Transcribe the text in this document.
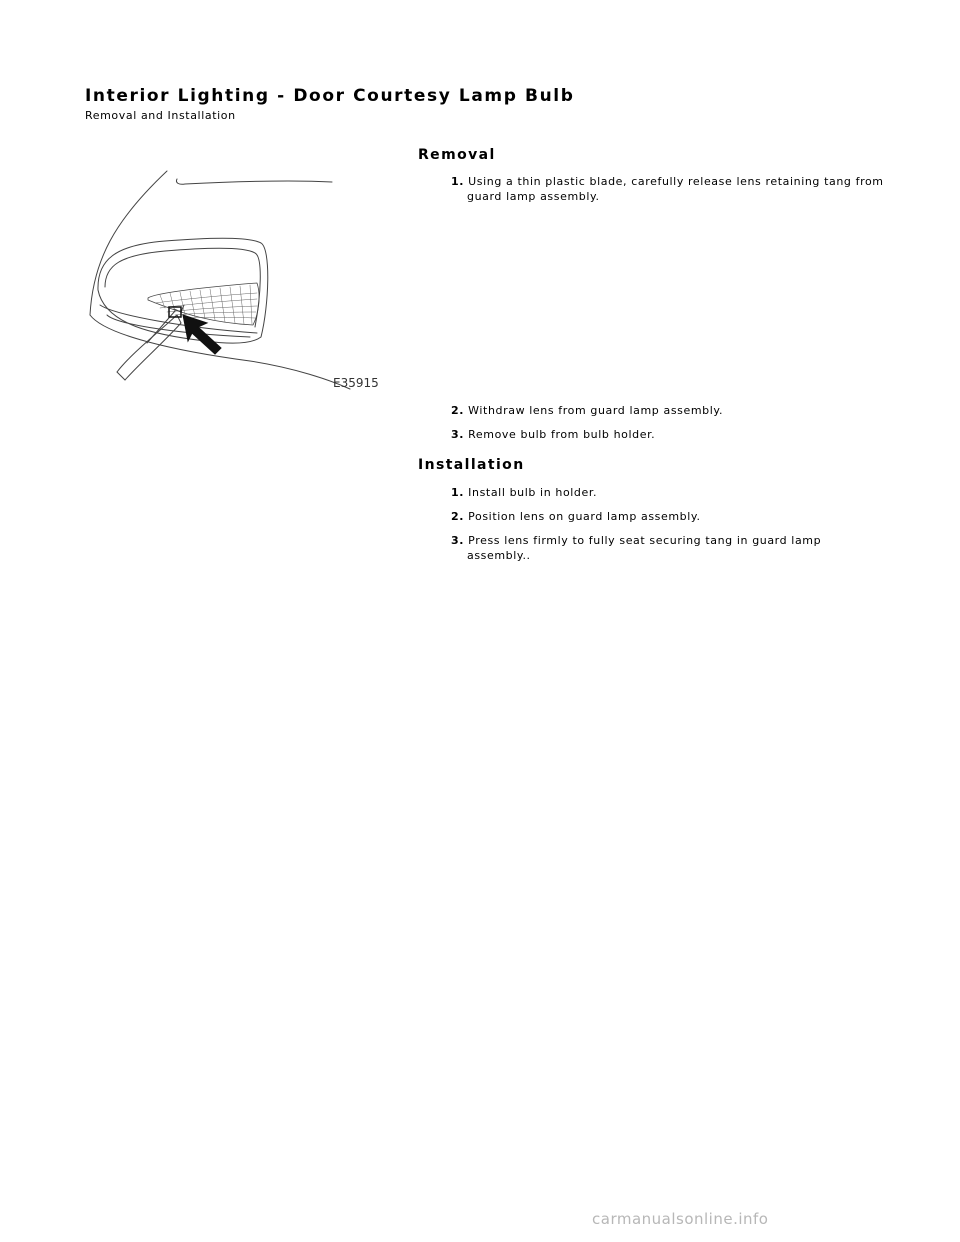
Interior Lighting - Door Courtesy Lamp Bulb
Removal and Installation
E35915
Removal
1. Using a thin plastic blade, carefully release lens retaining tang from guard lamp assembly.
2. Withdraw lens from guard lamp assembly.
3. Remove bulb from bulb holder.
Installation
1. Install bulb in holder.
2. Position lens on guard lamp assembly.
3. Press lens firmly to fully seat securing tang in guard lamp assembly..
carmanualsonline.info
